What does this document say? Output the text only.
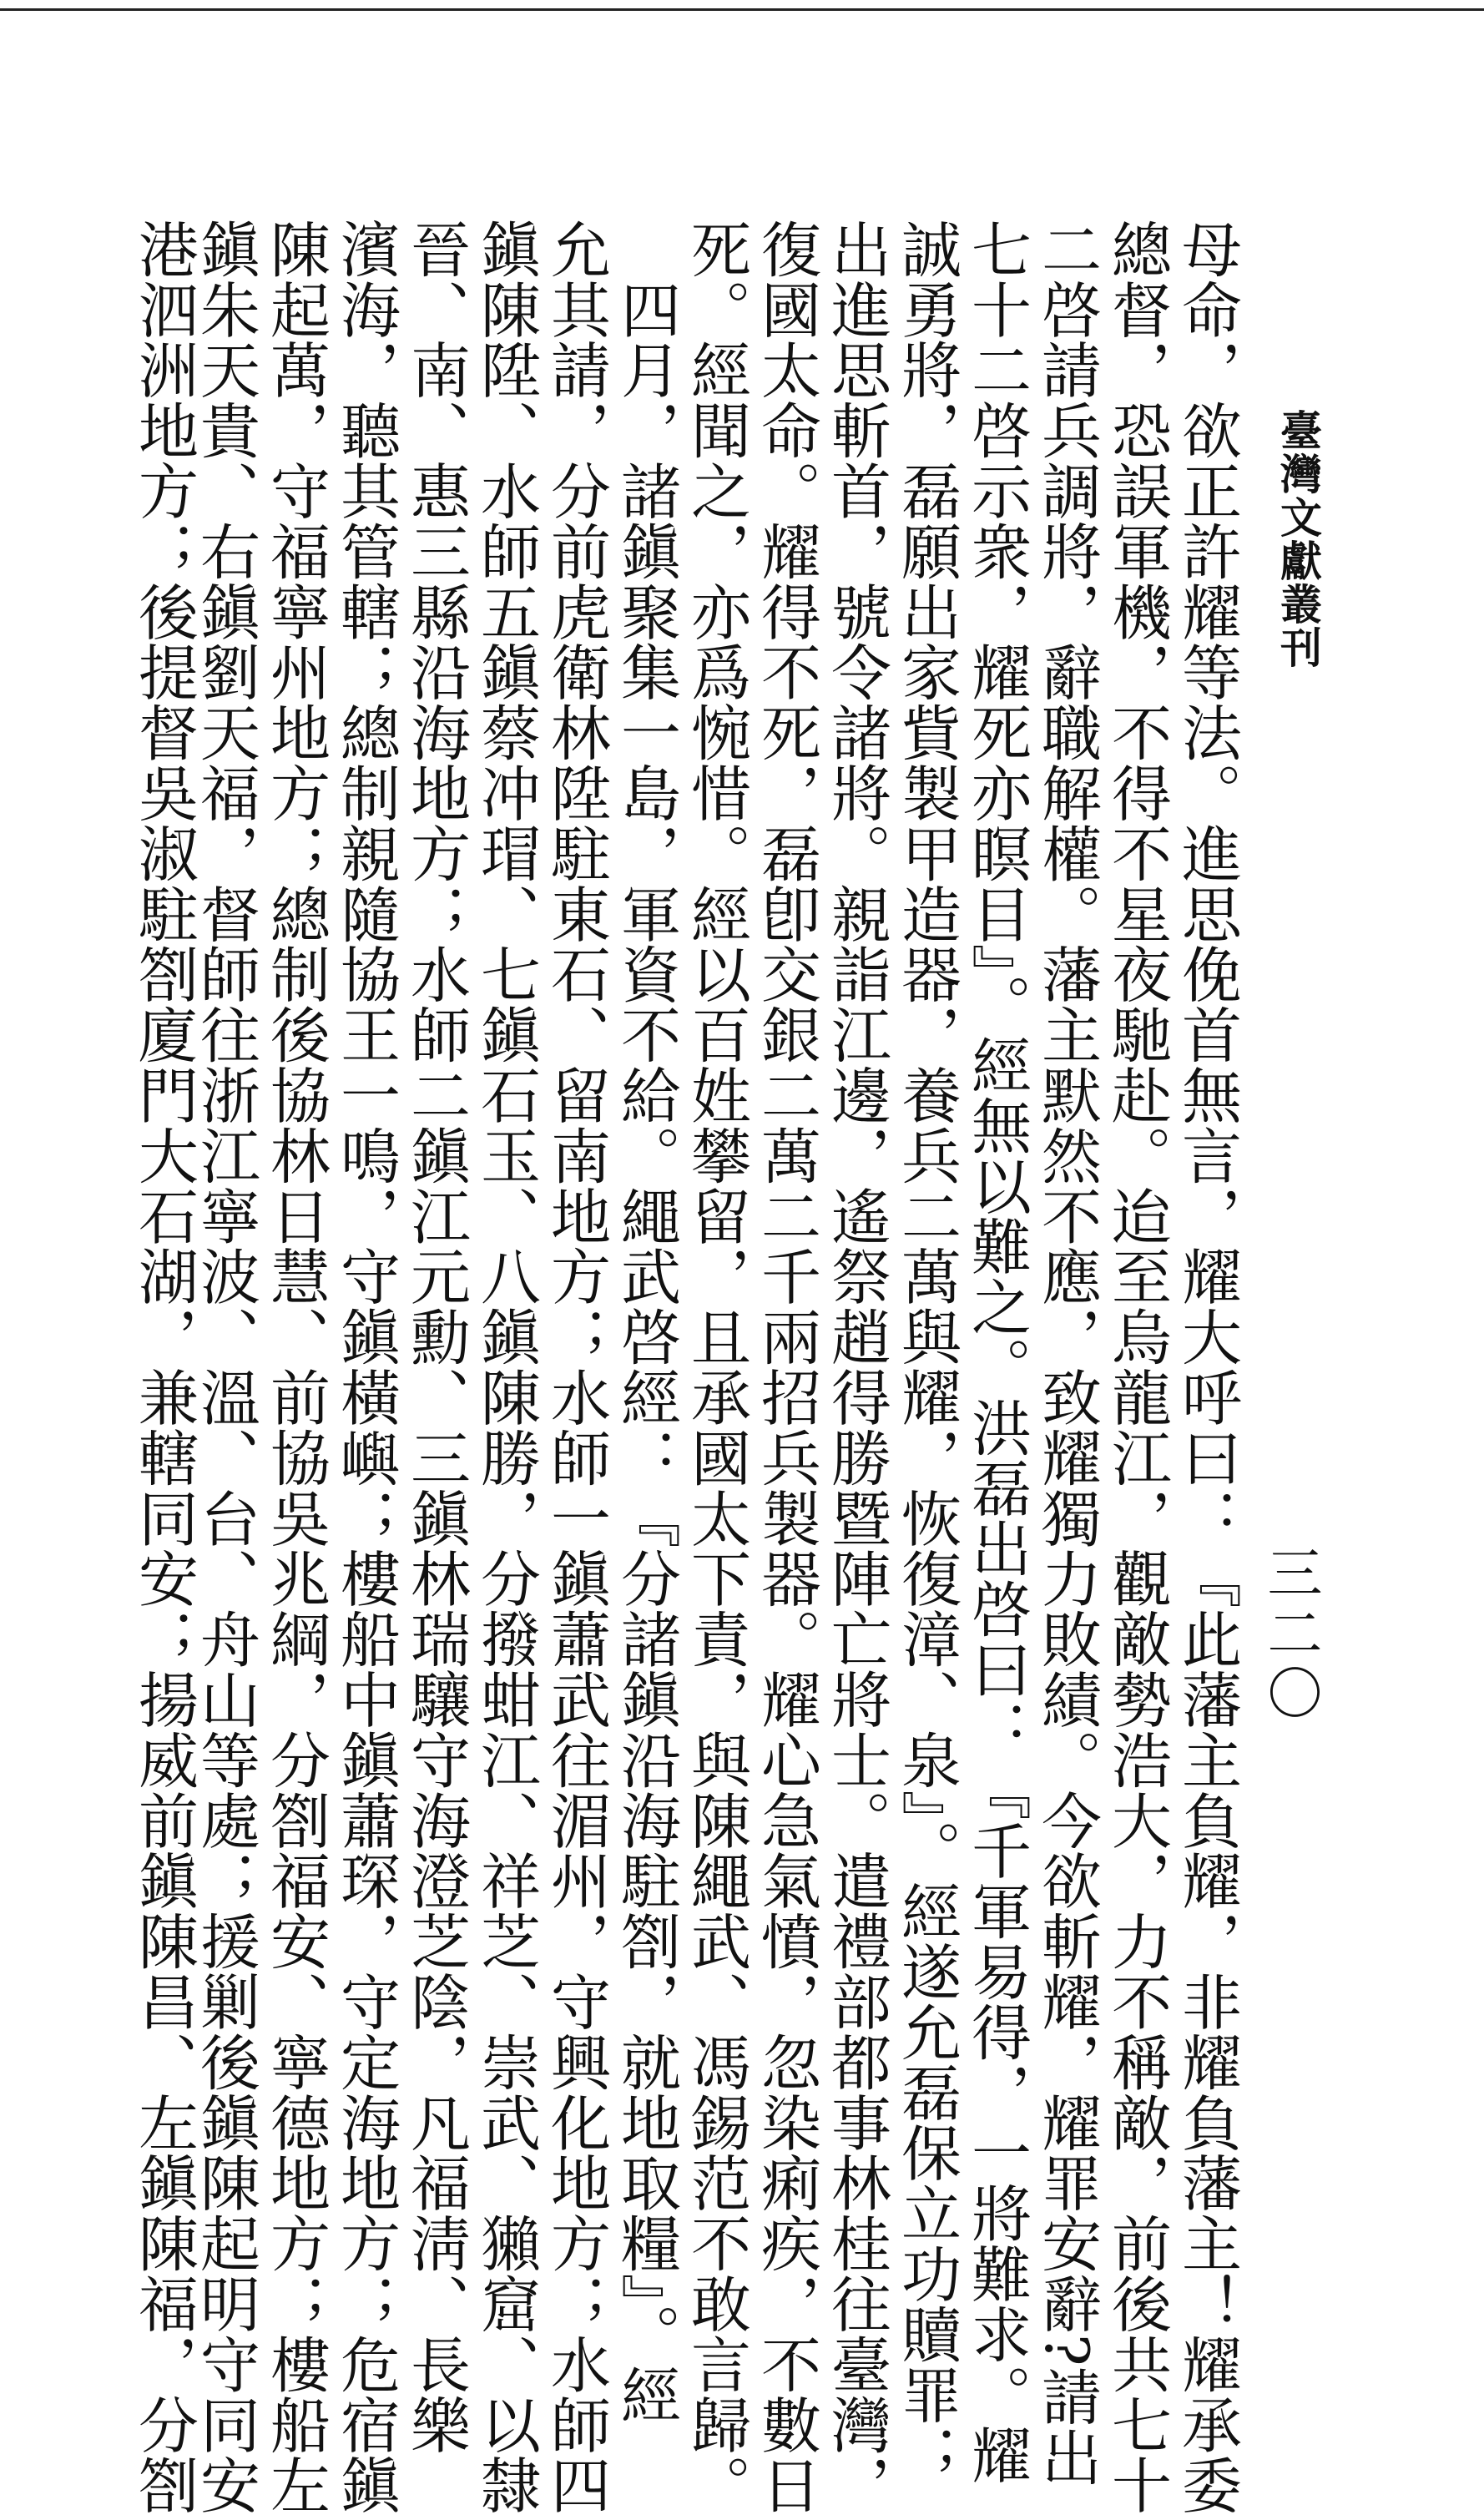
臺灣文獻叢刊
三二〇
母命，欲正許耀等法。進思俛首無言，耀大呼曰：『此藩主負耀，非耀負藩主！耀承委
總督，恐誤軍機，不得不星夜馳赴。迨至烏龍江，觀敵勢浩大，力不稱敵，前後共七十
二啓請兵調將，辭職解權。藩主默然不應，致耀獨力敗績。今欲斬耀，耀罪安辭?請出
七十二啓示衆，耀死亦瞑目』。經無以難之。洪磊出啓曰：『千軍易得，一將難求。耀
誠勇將，磊願出家貲製甲造器，養兵二萬與耀，恢復漳、泉』。經遂允磊保立功贖罪；
出進思斬首，號令諸將。親詣江邊，遙祭趙得勝暨陣亡將士。遣禮部都事林桂往臺灣，
復國太命。耀得不死，磊卽交銀二萬二千兩招兵製器。耀心急氣憤，忽染痢疾，不數日
死。經聞之，亦爲惋惜。經以百姓攀留，且承國太下責，與陳繩武、馮錫范不敢言歸。
　四月，諸鎭聚集一島，軍資不給。繩武啓經：『分諸鎭沿海駐劄，就地取糧』。經
允其請，分前虎衛林陞駐東石、留南地方；水師一鎭蕭武往湄州，守興化地方；水師四
鎭陳陞、水師五鎭蔡冲瑁、七鎭石玉、八鎭陳勝，分撥蚶江、祥芝、崇武、獺窟、以隸
晉、南、惠三縣沿海地方；水師二鎭江元勳、三鎭林瑞驤守海澄芝陰，凡福淸、長樂
濱海，聽其管轄；總制親隨協王一鳴，守鎭橫嶼；樓船中鎭蕭琛，守定海地方；危宿鎭
陳起萬，守福寧州地方；總制後協林日慧、前協吳兆綱，分劄福安、寧德地方；樓船左
鎭朱天貴、右鎭劉天福，督師往浙江寧波、溫、台、舟山等處；援剿後鎭陳起明守同安
港泗洲地方；後提督吳淑駐劄廈門大石湖，兼轄同安；揚威前鎭陳昌、左鎭陳福，分劄
